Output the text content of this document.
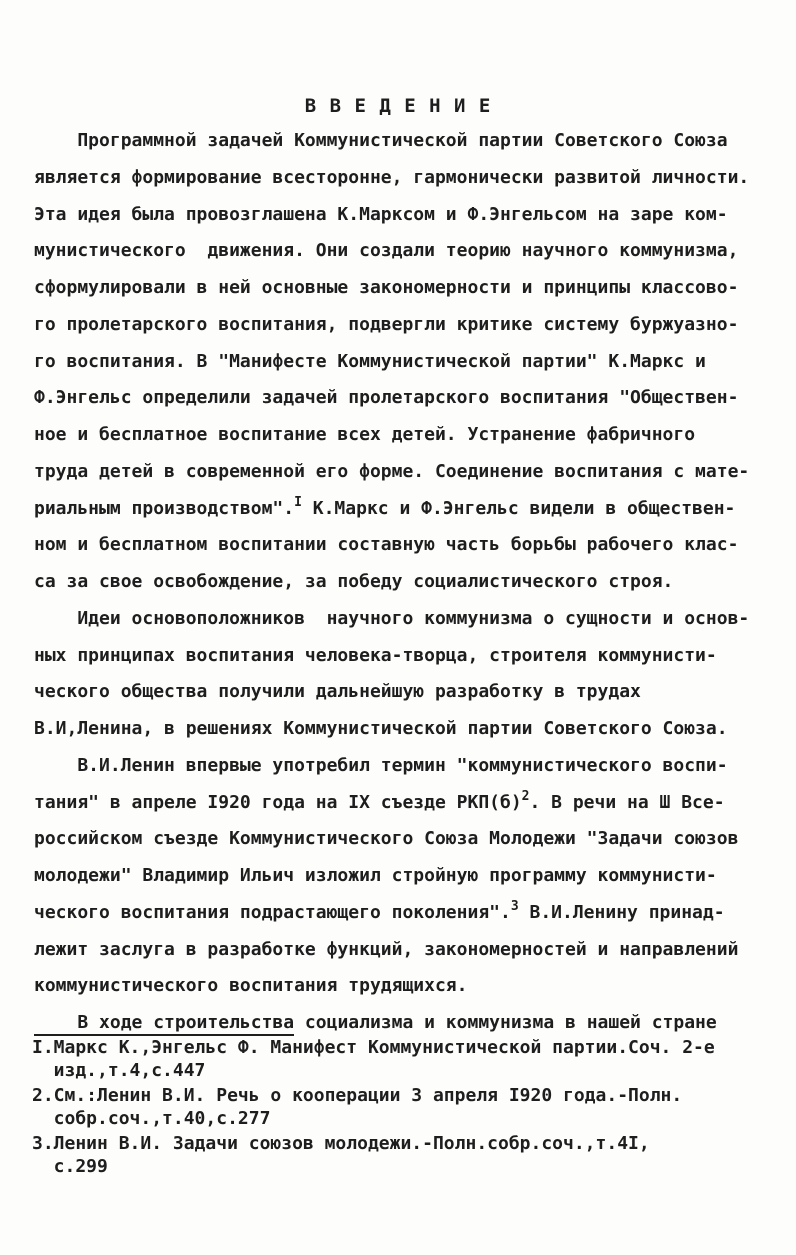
В В Е Д Е Н И Е
Программной задачей Коммунистической партии Советского Союза
является формирование всесторонне, гармонически развитой личности.
Эта идея была провозглашена К.Марксом и Ф.Энгельсом на заре ком-
мунистического  движения. Они создали теорию научного коммунизма,
сформулировали в ней основные закономерности и принципы классово-
го пролетарского воспитания, подвергли критике систему буржуазно-
го воспитания. В "Манифесте Коммунистической партии" К.Маркс и
Ф.Энгельс определили задачей пролетарского воспитания "Обществен-
ное и бесплатное воспитание всех детей. Устранение фабричного
труда детей в современной его форме. Соединение воспитания с мате-
риальным производством".$^I$ К.Маркс и Ф.Энгельс видели в обществен-
ном и бесплатном воспитании составную часть борьбы рабочего клас-
са за свое освобождение, за победу социалистического строя.
Идеи основоположников  научного коммунизма о сущности и основ-
ных принципах воспитания человека-творца, строителя коммунисти-
ческого общества получили дальнейшую разработку в трудах
В.И,Ленина, в решениях Коммунистической партии Советского Союза.
В.И.Ленин впервые употребил термин "коммунистического воспи-
тания" в апреле I920 года на IX съезде $РКП(б)^2$. В речи на Ш Все-
российском съезде Коммунистического Союза Молодежи "Задачи союзов
молодежи" Владимир Ильич изложил стройную программу коммунисти-
ческого воспитания подрастающего поколения".$^3$ В.И.Ленину принад-
лежит заслуга в разработке функций, закономерностей и направлений
коммунистического воспитания трудящихся.
В ходе строительства социализма и коммунизма в нашей стране
I.Маркс К.,Энгельс Ф. Манифест Коммунистической партии.Соч. 2-е
изд.,т.4,с.447
2.См.:Ленин В.И. Речь о кооперации 3 апреля I920 года.-Полн.
собр.соч.,т.40,с.277
3.Ленин В.И. Задачи союзов молодежи.-Полн.собр.соч.,т.4I,
с.299
